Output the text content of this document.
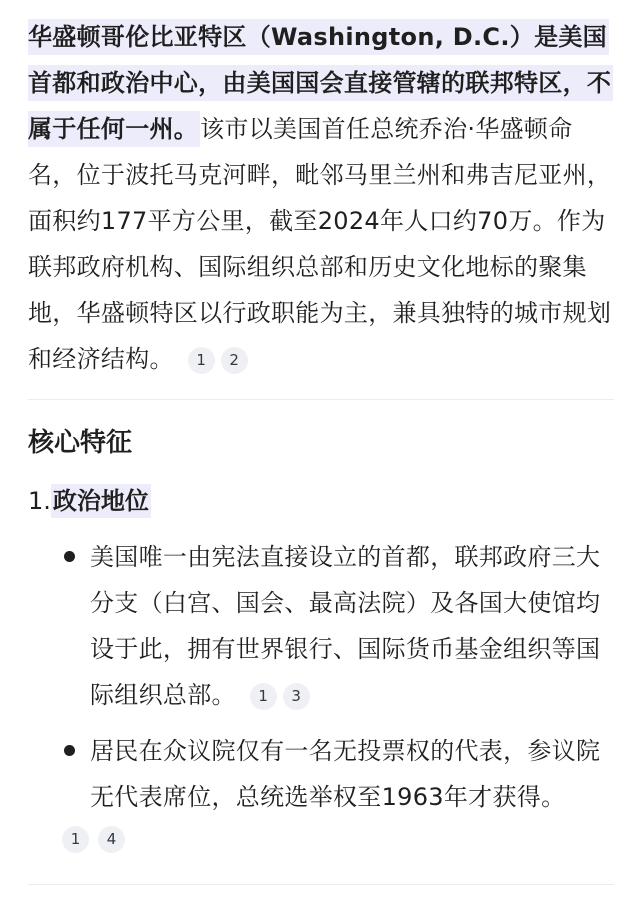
华盛顿哥伦比亚特区（Washington, D.C.）是美国首都和政治中心，由美国国会直接管辖的联邦特区，不属于任何一州。该市以美国首任总统乔治·华盛顿命名，位于波托马克河畔，毗邻马里兰州和弗吉尼亚州，面积约177平方公里，截至2024年人口约70万。作为联邦政府机构、国际组织总部和历史文化地标的聚集地，华盛顿特区以行政职能为主，兼具独特的城市规划和经济结构。 1 2

核心特征
1.政治地位
美国唯一由宪法直接设立的首都，联邦政府三大分支（白宫、国会、最高法院）及各国大使馆均设于此，拥有世界银行、国际货币基金组织等国际组织总部。 1 3
居民在众议院仅有一名无投票权的代表，参议院无代表席位，总统选举权至1963年才获得。
1 4
